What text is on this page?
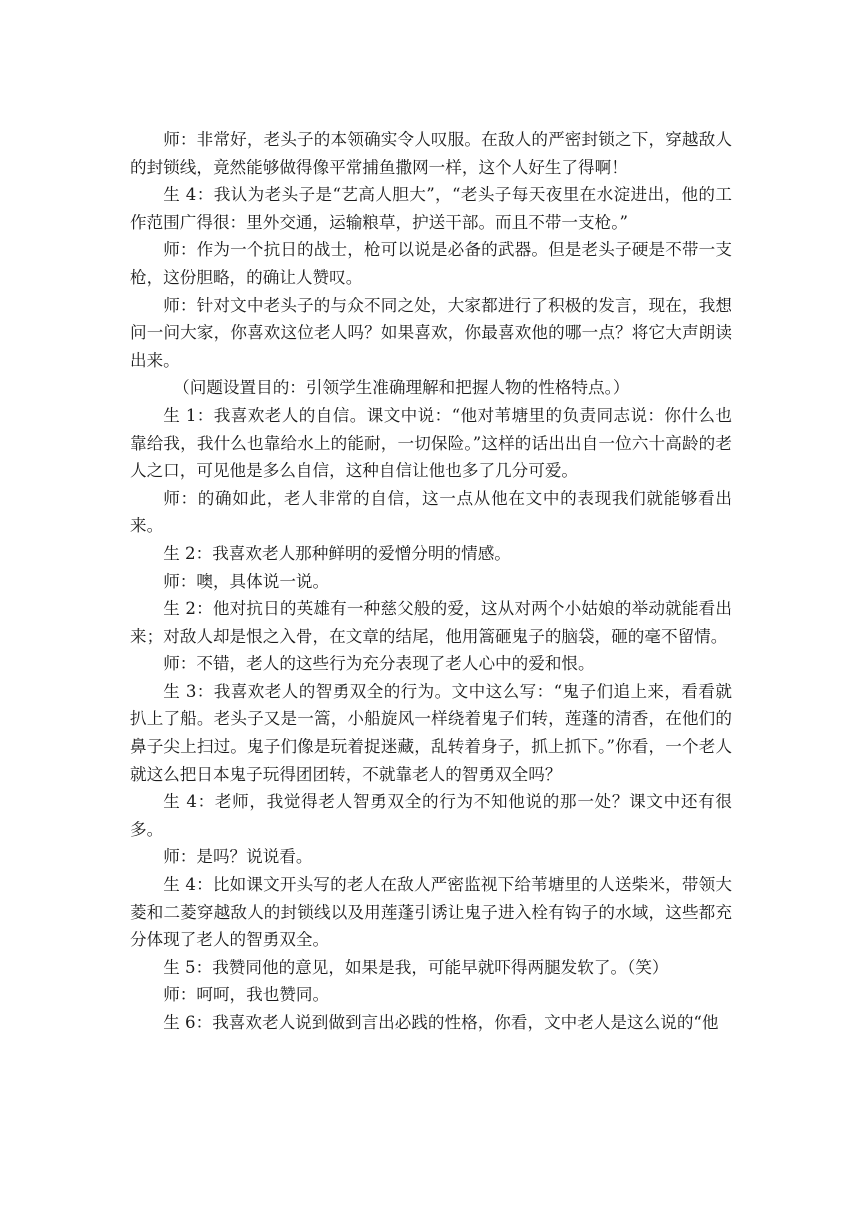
师：非常好，老头子的本领确实令人叹服。在敌人的严密封锁之下，穿越敌人的封锁线，竟然能够做得像平常捕鱼撒网一样，这个人好生了得啊！

生 4：我认为老头子是“艺高人胆大”，“老头子每天夜里在水淀进出，他的工作范围广得很：里外交通，运输粮草，护送干部。而且不带一支枪。”

师：作为一个抗日的战士，枪可以说是必备的武器。但是老头子硬是不带一支枪，这份胆略，的确让人赞叹。

师：针对文中老头子的与众不同之处，大家都进行了积极的发言，现在，我想问一问大家，你喜欢这位老人吗？如果喜欢，你最喜欢他的哪一点？将它大声朗读出来。

（问题设置目的：引领学生准确理解和把握人物的性格特点。）

生 1：我喜欢老人的自信。课文中说：“他对苇塘里的负责同志说：你什么也靠给我，我什么也靠给水上的能耐，一切保险。”这样的话出出自一位六十高龄的老人之口，可见他是多么自信，这种自信让他也多了几分可爱。

师：的确如此，老人非常的自信，这一点从他在文中的表现我们就能够看出来。

生 2：我喜欢老人那种鲜明的爱憎分明的情感。

师：噢，具体说一说。

生 2：他对抗日的英雄有一种慈父般的爱，这从对两个小姑娘的举动就能看出来；对敌人却是恨之入骨，在文章的结尾，他用篙砸鬼子的脑袋，砸的毫不留情。

师：不错，老人的这些行为充分表现了老人心中的爱和恨。

生 3：我喜欢老人的智勇双全的行为。文中这么写：“鬼子们追上来，看看就扒上了船。老头子又是一篙，小船旋风一样绕着鬼子们转，莲蓬的清香，在他们的鼻子尖上扫过。鬼子们像是玩着捉迷藏，乱转着身子，抓上抓下。”你看，一个老人就这么把日本鬼子玩得团团转，不就靠老人的智勇双全吗？

生 4：老师，我觉得老人智勇双全的行为不知他说的那一处？课文中还有很多。

师：是吗？说说看。

生 4：比如课文开头写的老人在敌人严密监视下给苇塘里的人送柴米，带领大菱和二菱穿越敌人的封锁线以及用莲蓬引诱让鬼子进入栓有钩子的水域，这些都充分体现了老人的智勇双全。

生 5：我赞同他的意见，如果是我，可能早就吓得两腿发软了。（笑）

师：呵呵，我也赞同。

生 6：我喜欢老人说到做到言出必践的性格，你看，文中老人是这么说的“他
